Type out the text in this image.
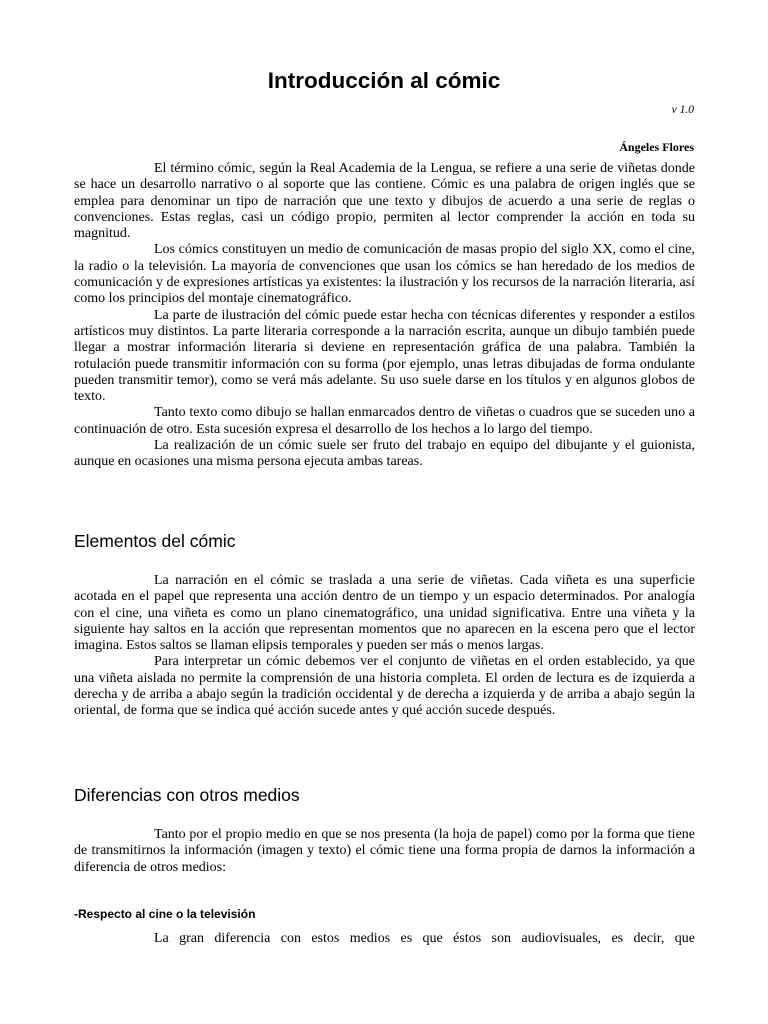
Introducción al cómic
v 1.0
Ángeles Flores

El término cómic, según la Real Academia de la Lengua, se refiere a una serie de viñetas donde se hace un desarrollo narrativo o al soporte que las contiene. Cómic es una palabra de origen inglés que se emplea para denominar un tipo de narración que une texto y dibujos de acuerdo a una serie de reglas o convenciones. Estas reglas, casi un código propio, permiten al lector comprender la acción en toda su magnitud.

Los cómics constituyen un medio de comunicación de masas propio del siglo XX, como el cine, la radio o la televisión. La mayoría de convenciones que usan los cómics se han heredado de los medios de comunicación y de expresiones artísticas ya existentes: la ilustración y los recursos de la narración literaria, así como los principios del montaje cinematográfico.

La parte de ilustración del cómic puede estar hecha con técnicas diferentes y responder a estilos artísticos muy distintos. La parte literaria corresponde a la narración escrita, aunque un dibujo también puede llegar a mostrar información literaria si deviene en representación gráfica de una palabra. También la rotulación puede transmitir información con su forma (por ejemplo, unas letras dibujadas de forma ondulante pueden transmitir temor), como se verá más adelante. Su uso suele darse en los títulos y en algunos globos de texto.

Tanto texto como dibujo se hallan enmarcados dentro de viñetas o cuadros que se suceden uno a continuación de otro. Esta sucesión expresa el desarrollo de los hechos a lo largo del tiempo.

La realización de un cómic suele ser fruto del trabajo en equipo del dibujante y el guionista, aunque en ocasiones una misma persona ejecuta ambas tareas.

Elementos del cómic

La narración en el cómic se traslada a una serie de viñetas. Cada viñeta es una superficie acotada en el papel que representa una acción dentro de un tiempo y un espacio determinados. Por analogía con el cine, una viñeta es como un plano cinematográfico, una unidad significativa. Entre una viñeta y la siguiente hay saltos en la acción que representan momentos que no aparecen en la escena pero que el lector imagina. Estos saltos se llaman elipsis temporales y pueden ser más o menos largas.

Para interpretar un cómic debemos ver el conjunto de viñetas en el orden establecido, ya que una viñeta aislada no permite la comprensión de una historia completa. El orden de lectura es de izquierda a derecha y de arriba a abajo según la tradición occidental y de derecha a izquierda y de arriba a abajo según la oriental, de forma que se indica qué acción sucede antes y qué acción sucede después.

Diferencias con otros medios

Tanto por el propio medio en que se nos presenta (la hoja de papel) como por la forma que tiene de transmitirnos la información (imagen y texto) el cómic tiene una forma propia de darnos la información a diferencia de otros medios:

-Respecto al cine o la televisión

La gran diferencia con estos medios es que éstos son audiovisuales, es decir, que
